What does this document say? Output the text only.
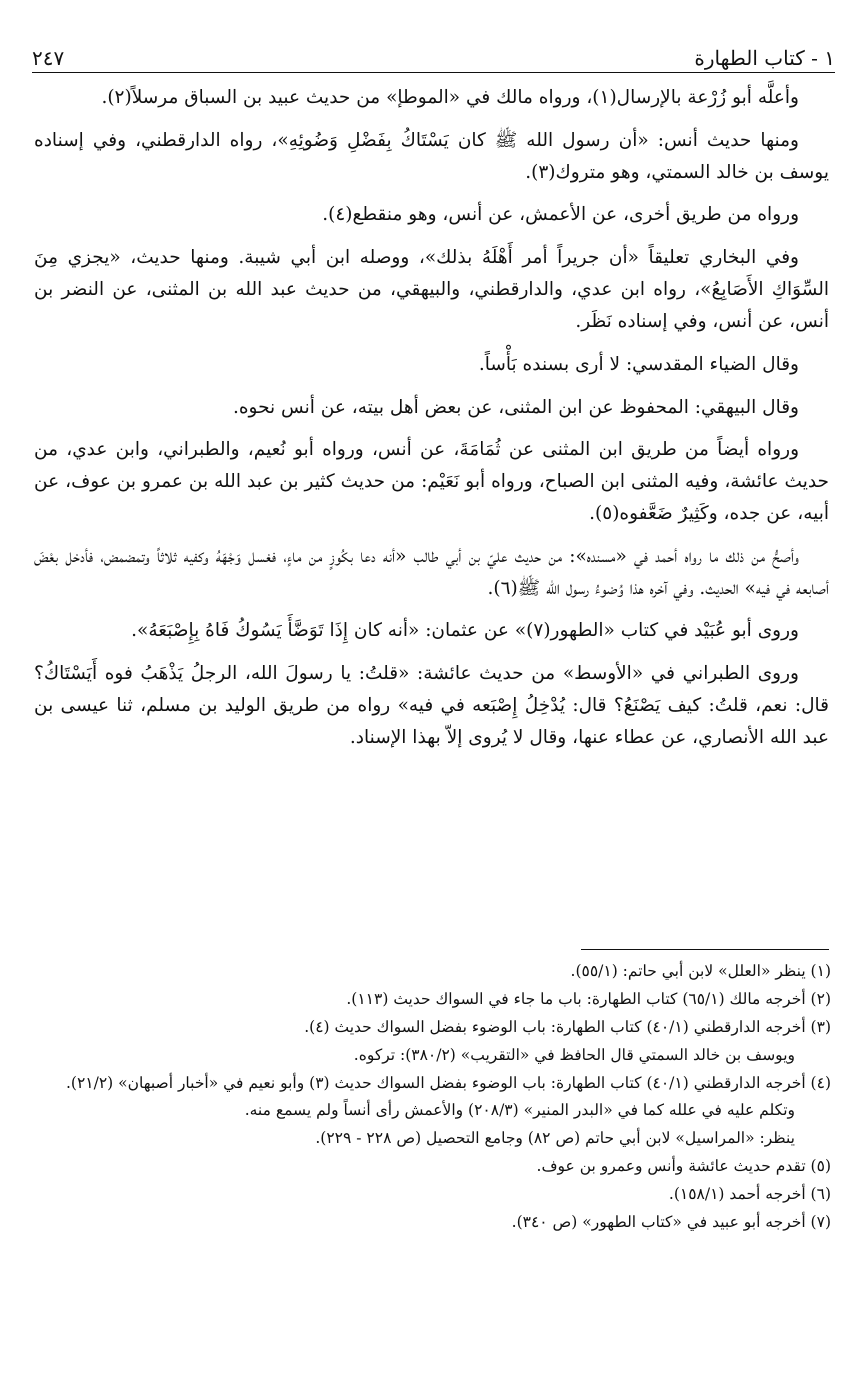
١ - كتاب الطهارة
٢٤٧

وأعلَّه أبو زُرْعة بالإرسال(١)، ورواه مالك في «الموطإ» من حديث عبيد بن السباق مرسلاً(٢).

ومنها حديث أنس: «أن رسول الله ﷺ كان يَسْتَاكُ بِفَضْلِ وَضُوئِهِ»، رواه الدارقطني، وفي إسناده يوسف بن خالد السمتي، وهو متروك(٣).

ورواه من طريق أخرى، عن الأعمش، عن أنس، وهو منقطع(٤).

وفي البخاري تعليقاً «أن جريراً أمر أَهْلَهُ بذلك»، ووصله ابن أبي شيبة. ومنها حديث، «يجزي مِنَ السِّوَاكِ الأَصَابِعُ»، رواه ابن عدي، والدارقطني، والبيهقي، من حديث عبد الله بن المثنى، عن النضر بن أنس، عن أنس، وفي إسناده نَظَر.

وقال الضياء المقدسي: لا أرى بسنده بَأْساً.

وقال البيهقي: المحفوظ عن ابن المثنى، عن بعض أهل بيته، عن أنس نحوه.

ورواه أيضاً من طريق ابن المثنى عن ثُمَامَةَ، عن أنس، ورواه أبو نُعيم، والطبراني، وابن عدي، من حديث عائشة، وفيه المثنى ابن الصباح، ورواه أبو نَعَيْم: من حديث كثير بن عبد الله بن عمرو بن عوف، عن أبيه، عن جده، وكَثِيرٌ ضَعَّفوه(٥).

وأصحُّ من ذلك ما رواه أحمد في «مسنده»: من حديث عليّ بن أبي طالب «أنه دعا بكُوزٍ من ماءٍ، فغسل وَجْهَهُ وكفيه ثلاثاً وتمضمض، فأدخل بعْضَ أصابعه في فيه» الحديث. وفي آخره هذا وُضوءُ رسول الله ﷺ(٦).

وروى أبو عُبَيْد في كتاب «الطهور(٧)» عن عثمان: «أنه كان إِذَا تَوَضَّأَ يَسُوكُ فَاهُ بِإِصْبَعَهُ».

وروى الطبراني في «الأوسط» من حديث عائشة: «قلتُ: يا رسولَ الله، الرجلُ يَذْهَبُ فوه أَيَسْتَاكُ؟ قال: نعم، قلتُ: كيف يَصْنَعُ؟ قال: يُدْخِلُ إِصْبَعه في فيه» رواه من طريق الوليد بن مسلم، ثنا عيسى بن عبد الله الأنصاري، عن عطاء عنها، وقال لا يُروى إلاّ بهذا الإسناد.

(١) ينظر «العلل» لابن أبي حاتم: (٥٥/١).
(٢) أخرجه مالك (٦٥/١) كتاب الطهارة: باب ما جاء في السواك حديث (١١٣).
(٣) أخرجه الدارقطني (٤٠/١) كتاب الطهارة: باب الوضوء بفضل السواك حديث (٤).
ويوسف بن خالد السمتي قال الحافظ في «التقريب» (٣٨٠/٢): تركوه.
(٤) أخرجه الدارقطني (٤٠/١) كتاب الطهارة: باب الوضوء بفضل السواك حديث (٣) وأبو نعيم في «أخبار أصبهان» (٢١/٢).
وتكلم عليه في علله كما في «البدر المنير» (٢٠٨/٣) والأعمش رأى أنساً ولم يسمع منه.
ينظر: «المراسيل» لابن أبي حاتم (ص ٨٢) وجامع التحصيل (ص ٢٢٨ - ٢٢٩).
(٥) تقدم حديث عائشة وأنس وعمرو بن عوف.
(٦) أخرجه أحمد (١٥٨/١).
(٧) أخرجه أبو عبيد في «كتاب الطهور» (ص ٣٤٠).
